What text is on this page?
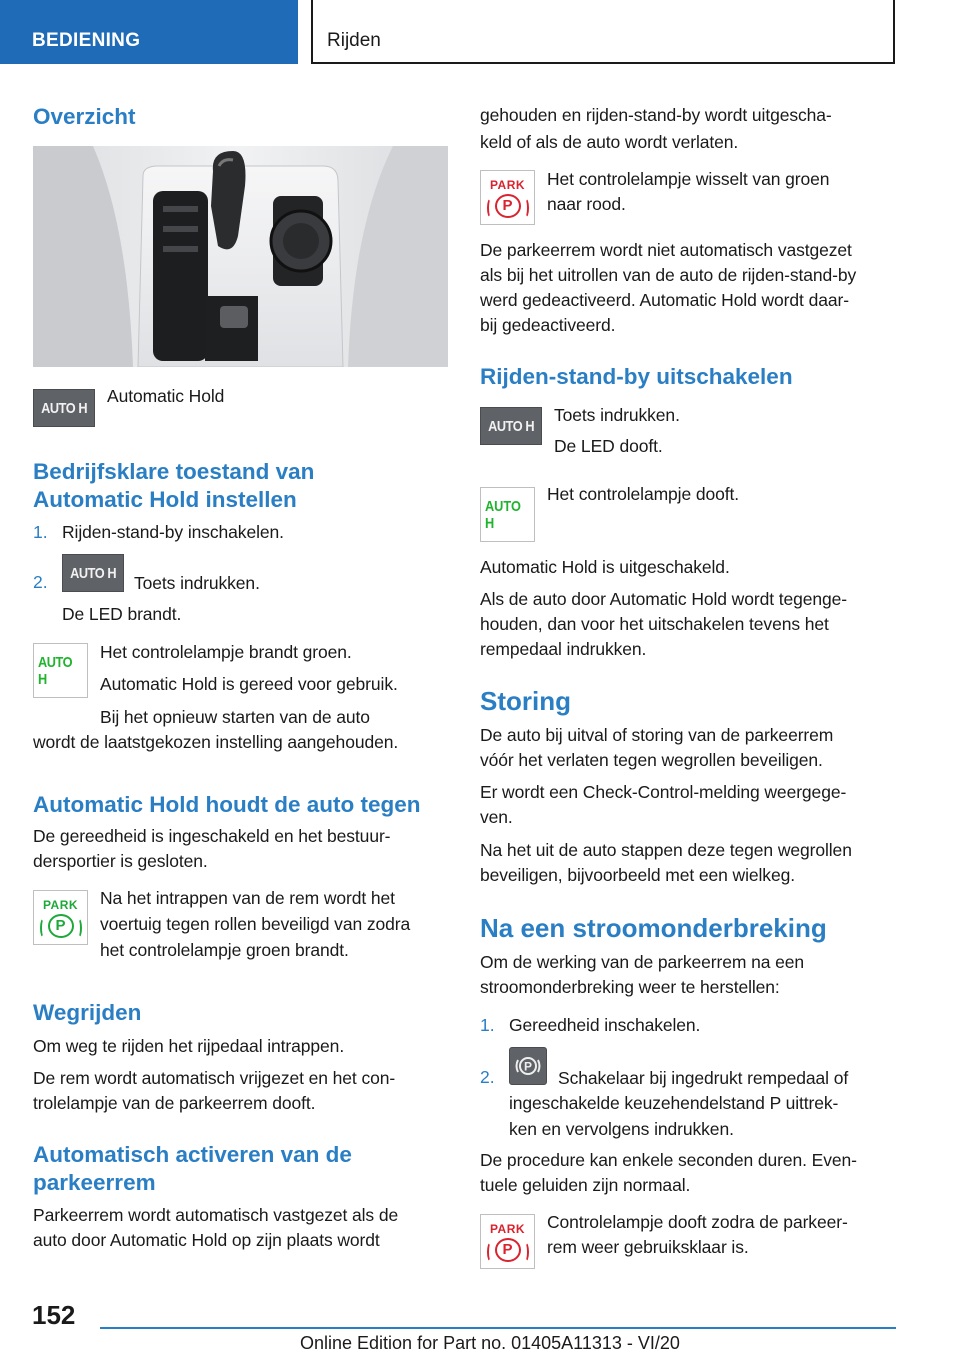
BEDIENING	Rijden
Overzicht
AUTO H
Automatic Hold
Bedrijfsklare toestand van
Automatic Hold instellen
1. Rijden-stand-by inschakelen.
2. AUTO H Toets indrukken.
De LED brandt.
AUTO H
Het controlelampje brandt groen.
Automatic Hold is gereed voor gebruik.
Bij het opnieuw starten van de auto
wordt de laatstgekozen instelling aangehouden.
Automatic Hold houdt de auto tegen
De gereedheid is ingeschakeld en het bestuur-
dersportier is gesloten.
PARK
P
Na het intrappen van de rem wordt het
voertuig tegen rollen beveiligd van zodra
het controlelampje groen brandt.
Wegrijden
Om weg te rijden het rijpedaal intrappen.
De rem wordt automatisch vrijgezet en het con-
trolelampje van de parkeerrem dooft.
Automatisch activeren van de
parkeerrem
Parkeerrem wordt automatisch vastgezet als de
auto door Automatic Hold op zijn plaats wordt
gehouden en rijden-stand-by wordt uitgescha-
keld of als de auto wordt verlaten.
PARK
P
Het controlelampje wisselt van groen
naar rood.
De parkeerrem wordt niet automatisch vastgezet
als bij het uitrollen van de auto de rijden-stand-by
werd gedeactiveerd. Automatic Hold wordt daar-
bij gedeactiveerd.
Rijden-stand-by uitschakelen
AUTO H
Toets indrukken.
De LED dooft.
AUTO H
Het controlelampje dooft.
Automatic Hold is uitgeschakeld.
Als de auto door Automatic Hold wordt tegenge-
houden, dan voor het uitschakelen tevens het
rempedaal indrukken.
Storing
De auto bij uitval of storing van de parkeerrem
vóór het verlaten tegen wegrollen beveiligen.
Er wordt een Check-Control-melding weergege-
ven.
Na het uit de auto stappen deze tegen wegrollen
beveiligen, bijvoorbeeld met een wielkeg.
Na een stroomonderbreking
Om de werking van de parkeerrem na een
stroomonderbreking weer te herstellen:
1. Gereedheid inschakelen.
2.
P
Schakelaar bij ingedrukt rempedaal of
ingeschakelde keuzehendelstand P uittrek-
ken en vervolgens indrukken.
De procedure kan enkele seconden duren. Even-
tuele geluiden zijn normaal.
PARK
P
Controlelampje dooft zodra de parkeer-
rem weer gebruiksklaar is.
152
Online Edition for Part no. 01405A11313 - VI/20
